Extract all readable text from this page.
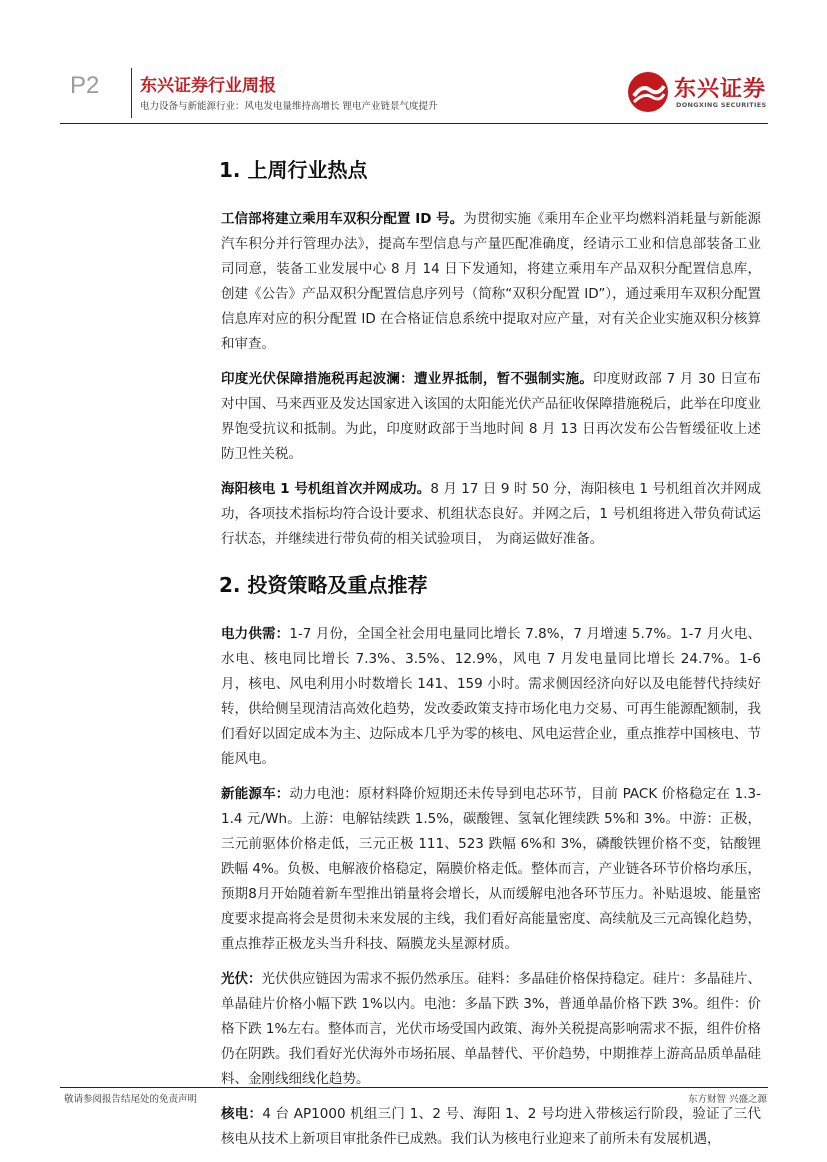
P2 东兴证券行业周报
电力设备与新能源行业：风电发电量维持高增长 锂电产业链景气度提升
东兴证券
DONGXING SECURITIES
1. 上周行业热点

工信部将建立乘用车双积分配置 ID 号。为贯彻实施《乘用车企业平均燃料消耗量与新能源汽车积分并行管理办法》，提高车型信息与产量匹配准确度，经请示工业和信息部装备工业司同意，装备工业发展中心 8 月 14 日下发通知，将建立乘用车产品双积分配置信息库，创建《公告》产品双积分配置信息序列号（简称“双积分配置 ID”），通过乘用车双积分配置信息库对应的积分配置 ID 在合格证信息系统中提取对应产量，对有关企业实施双积分核算和审查。

印度光伏保障措施税再起波澜：遭业界抵制，暂不强制实施。印度财政部 7 月 30 日宣布对中国、马来西亚及发达国家进入该国的太阳能光伏产品征收保障措施税后，此举在印度业界饱受抗议和抵制。为此，印度财政部于当地时间 8 月 13 日再次发布公告暂缓征收上述防卫性关税。

海阳核电 1 号机组首次并网成功。8 月 17 日 9 时 50 分，海阳核电 1 号机组首次并网成功，各项技术指标均符合设计要求、机组状态良好。并网之后，1 号机组将进入带负荷试运行状态，并继续进行带负荷的相关试验项目， 为商运做好准备。

2. 投资策略及重点推荐

电力供需：1-7 月份，全国全社会用电量同比增长 7.8%，7 月增速 5.7%。1-7 月火电、水电、核电同比增长 7.3%、3.5%、12.9%，风电 7 月发电量同比增长 24.7%。1-6 月，核电、风电利用小时数增长 141、159 小时。需求侧因经济向好以及电能替代持续好转，供给侧呈现清洁高效化趋势，发改委政策支持市场化电力交易、可再生能源配额制，我们看好以固定成本为主、边际成本几乎为零的核电、风电运营企业，重点推荐中国核电、节能风电。

新能源车：动力电池：原材料降价短期还未传导到电芯环节，目前 PACK 价格稳定在 1.3-1.4 元/Wh。上游：电解钴续跌 1.5%，碳酸锂、氢氧化锂续跌 5%和 3%。中游：正极，三元前驱体价格走低，三元正极 111、523 跌幅 6%和 3%，磷酸铁锂价格不变，钴酸锂跌幅 4%。负极、电解液价格稳定，隔膜价格走低。整体而言，产业链各环节价格均承压，预期8月开始随着新车型推出销量将会增长，从而缓解电池各环节压力。补贴退坡、能量密度要求提高将会是贯彻未来发展的主线，我们看好高能量密度、高续航及三元高镍化趋势，重点推荐正极龙头当升科技、隔膜龙头星源材质。

光伏：光伏供应链因为需求不振仍然承压。硅料：多晶硅价格保持稳定。硅片：多晶硅片、单晶硅片价格小幅下跌 1%以内。电池：多晶下跌 3%，普通单晶价格下跌 3%。组件：价格下跌 1%左右。整体而言，光伏市场受国内政策、海外关税提高影响需求不振，组件价格仍在阴跌。我们看好光伏海外市场拓展、单晶替代、平价趋势，中期推荐上游高品质单晶硅料、金刚线细线化趋势。

核电：4 台 AP1000 机组三门 1、2 号、海阳 1、2 号均进入带核运行阶段，验证了三代核电从技术上新项目审批条件已成熟。我们认为核电行业迎来了前所未有发展机遇，

敬请参阅报告结尾处的免责声明	东方财智 兴盛之源
